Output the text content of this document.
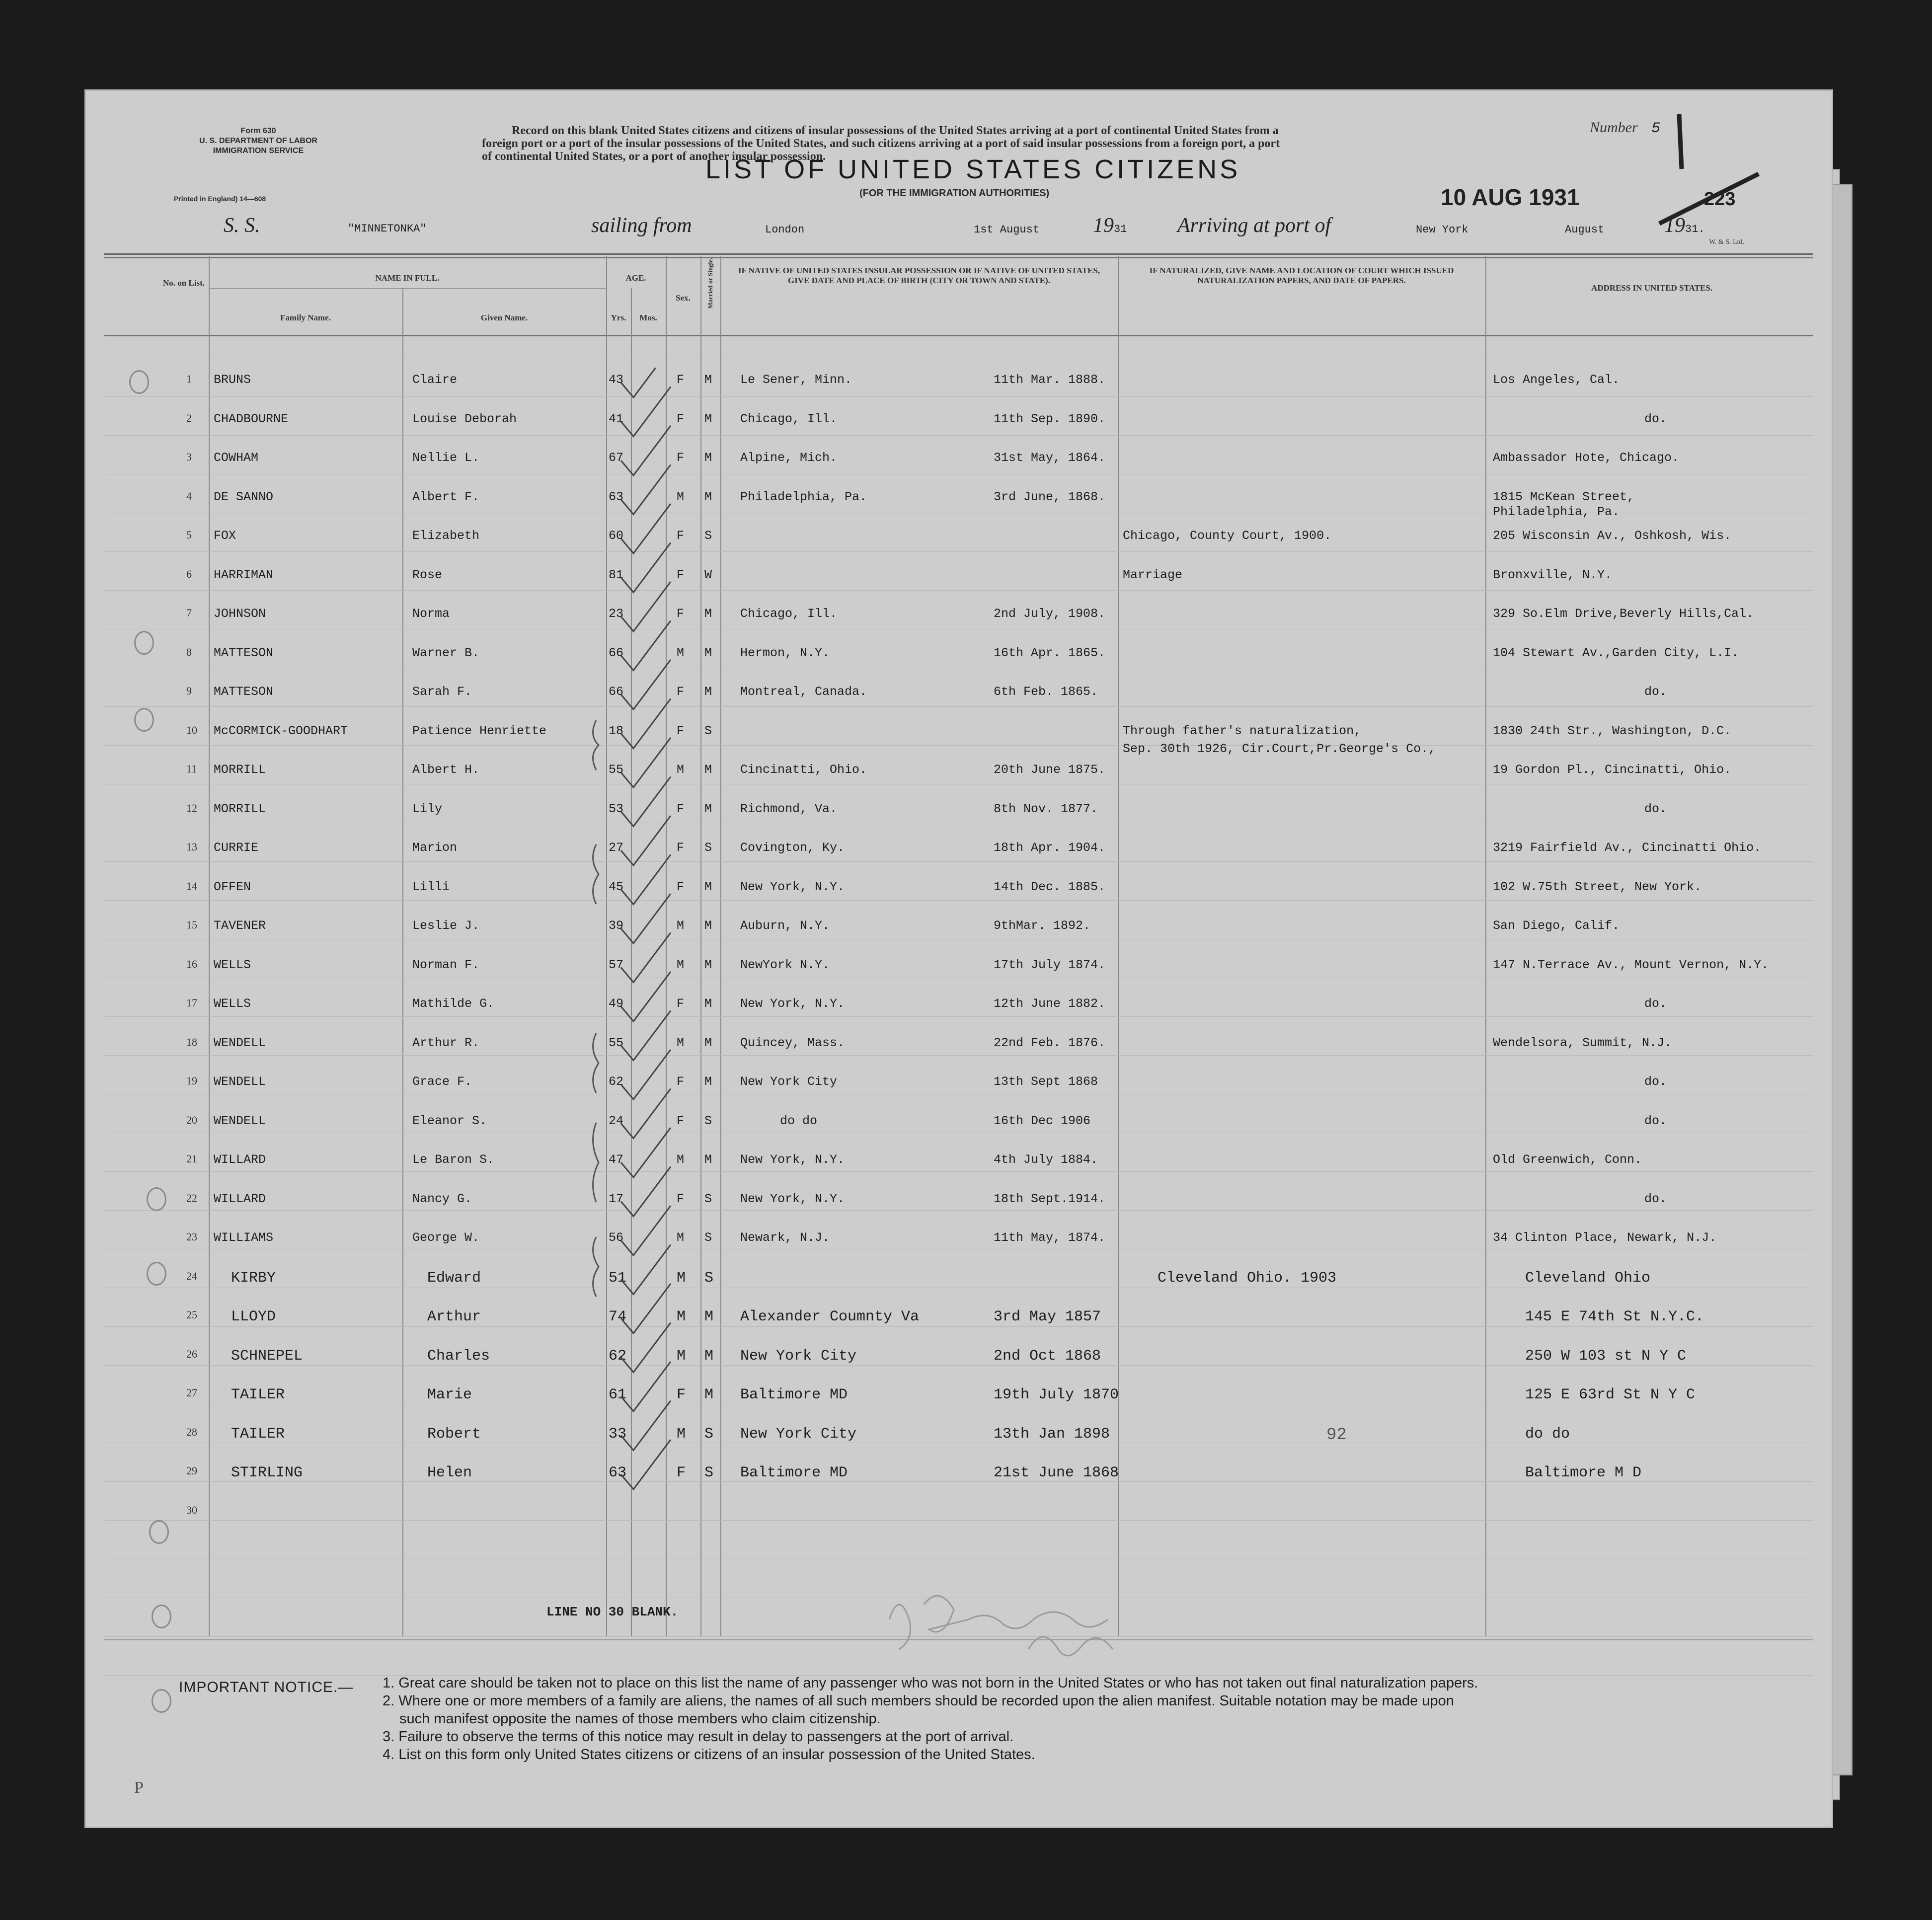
Form 630
U. S. DEPARTMENT OF LABOR
IMMIGRATION SERVICE
Printed in England) 14—608
Record on this blank United States citizens and citizens of insular possessions of the United States arriving at a port of continental United States from a
foreign port or a port of the insular possessions of the United States, and such citizens arriving at a port of said insular possessions from a foreign port, a port
of continental United States, or a port of another insular possession.
Number 5
LIST OF UNITED STATES CITIZENS
(FOR THE IMMIGRATION AUTHORITIES)	10 AUG 1931	223
S. S.	"MINNETONKA"	sailing from	London	1st August	1931 Arriving at port of	New York	August	1931.
W. & S. Ltd.
No. on List.
NAME IN FULL.
Family Name.	Given Name.
AGE.
Yrs.	Mos.
Sex.	Married or Single.	IF NATIVE OF UNITED STATES INSULAR POSSESSION OR IF NATIVE OF UNITED STATES, GIVE DATE AND PLACE OF BIRTH (CITY OR TOWN AND STATE).
IF NATURALIZED, GIVE NAME AND LOCATION OF COURT WHICH ISSUED NATURALIZATION PAPERS, AND DATE OF PAPERS.
ADDRESS IN UNITED STATES.
1 BRUNS	Claire	43	F M Le Sener, Minn.	11th Mar. 1888.	Los Angeles, Cal.
2 CHADBOURNE	Louise Deborah	41	F M Chicago, Ill.	11th Sep. 1890.	do.
3 COWHAM	Nellie L.	67	F M Alpine, Mich.	31st May, 1864.	Ambassador Hote, Chicago.
4 DE SANNO	Albert F.	63	M M Philadelphia, Pa.	3rd June, 1868.	1815 McKean Street,
Philadelphia, Pa.
5 FOX	Elizabeth	60	F S	Chicago, County Court, 1900.	205 Wisconsin Av., Oshkosh, Wis.
6 HARRIMAN	Rose	81	F W	Marriage	Bronxville, N.Y.
7 JOHNSON	Norma	23	F M Chicago, Ill.	2nd July, 1908.	329 So.Elm Drive,Beverly Hills,Cal.
8 MATTESON	Warner B.	66	M M Hermon, N.Y.	16th Apr. 1865.	104 Stewart Av.,Garden City, L.I.
9 MATTESON	Sarah F.	66	F M Montreal, Canada.	6th Feb. 1865.	do.
10 McCORMICK-GOODHART	Patience Henriette	18	F S	Through father's naturalization,
Sep. 30th 1926, Cir.Court,Pr.George's Co.,
1830 24th Str., Washington, D.C.
11 MORRILL	Albert H.	55	M M Cincinatti, Ohio.	20th June 1875.	19 Gordon Pl., Cincinatti, Ohio.
12 MORRILL	Lily	53	F M Richmond, Va.	8th Nov. 1877.	do.
13 CURRIE	Marion	27	F S Covington, Ky.	18th Apr. 1904.	3219 Fairfield Av., Cincinatti Ohio.
14 OFFEN	Lilli	45	F M New York, N.Y.	14th Dec. 1885.	102 W.75th Street, New York.
15 TAVENER	Leslie J.	39	M M Auburn, N.Y.	9thMar. 1892.	San Diego, Calif.
16 WELLS	Norman F.	57	M M NewYork N.Y.	17th July 1874.	147 N.Terrace Av., Mount Vernon, N.Y.
17 WELLS	Mathilde G.	49	F M New York, N.Y.	12th June 1882.	do.
18 WENDELL	Arthur R.	55	M M Quincey, Mass.	22nd Feb. 1876.	Wendelsora, Summit, N.J.
19 WENDELL	Grace F.	62	F M New York City	13th Sept 1868	do.
20 WENDELL	Eleanor S.	24	F S	do do	16th Dec 1906	do.
21 WILLARD	Le Baron S.	47	M M New York, N.Y.	4th July 1884.	Old Greenwich, Conn.
22 WILLARD	Nancy G.	17	F S New York, N.Y.	18th Sept.1914.	do.
23 WILLIAMS	George W.	56	M S Newark, N.J.	11th May, 1874.	34 Clinton Place, Newark, N.J.
24 KIRBY	Edward	51	M S	Cleveland Ohio. 1903	Cleveland Ohio
25 LLOYD	Arthur	74	M M Alexander Coumnty Va	3rd May 1857	145 E 74th St N.Y.C.
26 SCHNEPEL	Charles	62	M M New York City	2nd Oct 1868	250 W 103 st N Y C
27 TAILER	Marie	61	F M Baltimore MD	19th July 1870	125 E 63rd St N Y C
28 TAILER	Robert	33	M S New York City	13th Jan 1898	92	do do
29 STIRLING	Helen	63	F S Baltimore MD	21st June 1868	Baltimore M D
30
LINE NO 30 BLANK.
IMPORTANT NOTICE.— 1. Great care should be taken not to place on this list the name of any passenger who was not born in the United States or who has not taken out final naturalization papers.
2. Where one or more members of a family are aliens, the names of all such members should be recorded upon the alien manifest. Suitable notation may be made upon
such manifest opposite the names of those members who claim citizenship.
3. Failure to observe the terms of this notice may result in delay to passengers at the port of arrival.
4. List on this form only United States citizens or citizens of an insular possession of the United States.
P
